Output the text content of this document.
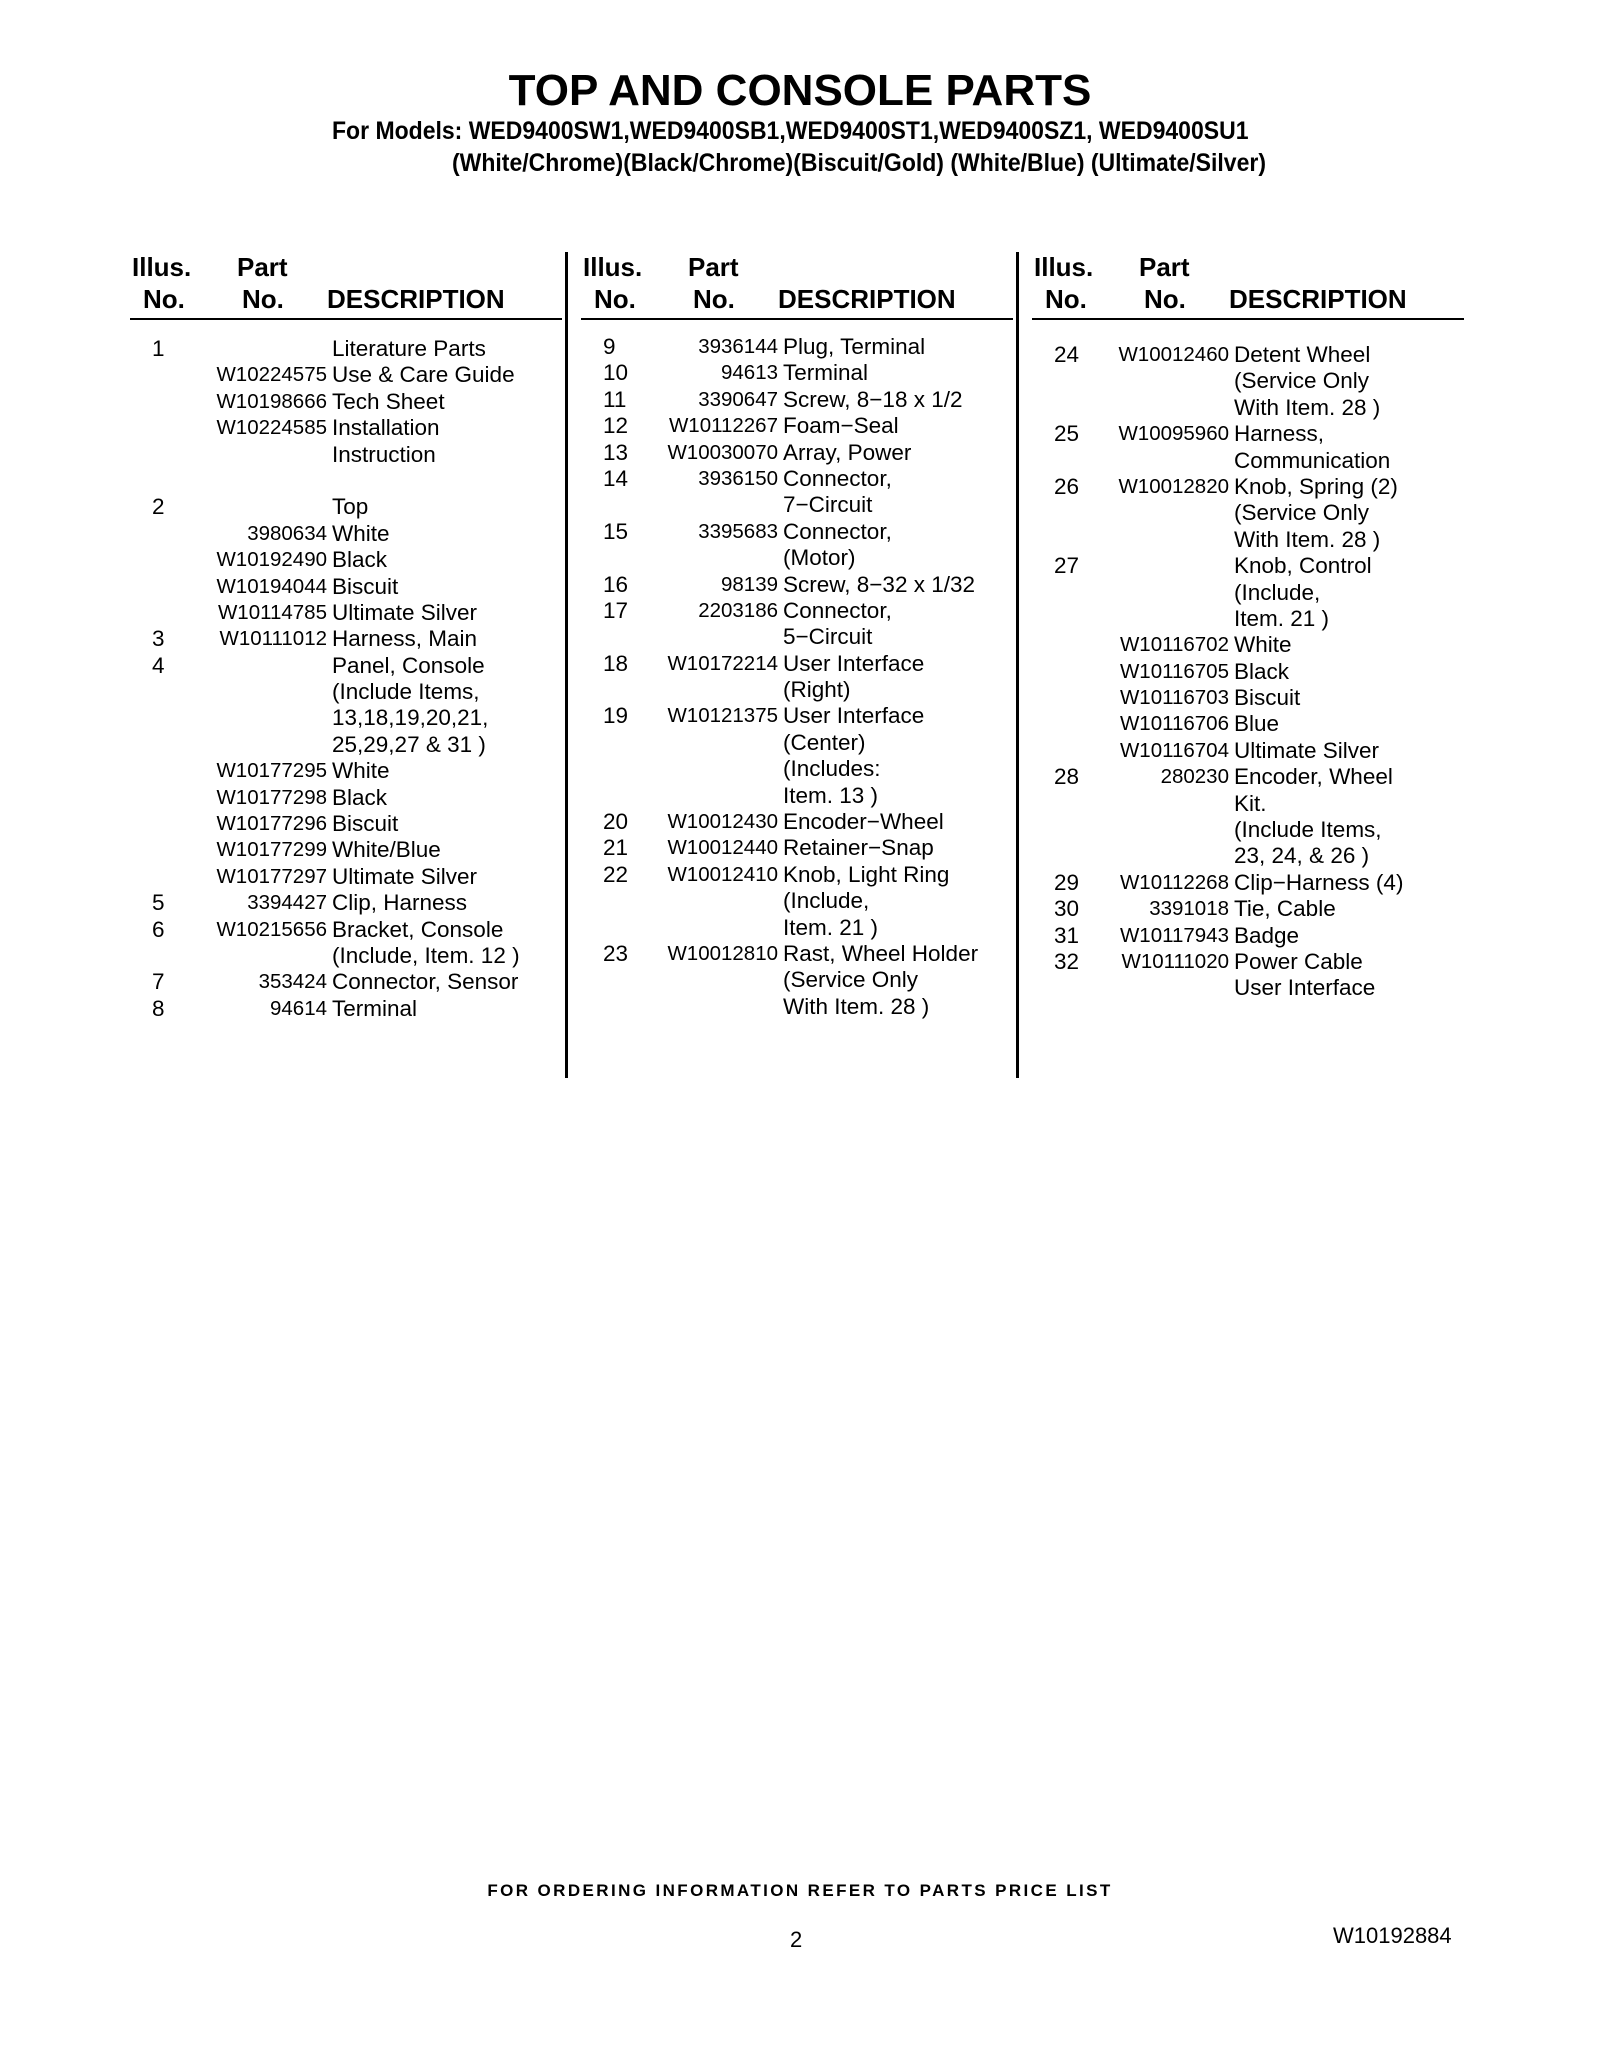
TOP AND CONSOLE PARTS
For Models: WED9400SW1,WED9400SB1,WED9400ST1,WED9400SZ1, WED9400SU1
(White/Chrome)(Black/Chrome)(Biscuit/Gold) (White/Blue) (Ultimate/Silver)
Illus.
No.
Part
No. DESCRIPTION
1	Literature Parts
W10224575 Use & Care Guide
W10198666 Tech Sheet
W10224585 Installation
Instruction
2	Top
3980634 White
W10192490 Black
W10194044 Biscuit
W10114785 Ultimate Silver
3	W10111012 Harness, Main
4	Panel, Console
(Include Items,
13,18,19,20,21,
25,29,27 & 31 )
W10177295 White
W10177298 Black
W10177296 Biscuit
W10177299 White/Blue
W10177297 Ultimate Silver
5	3394427 Clip, Harness
6	W10215656 Bracket, Console
(Include, Item. 12 )
7	353424 Connector, Sensor
8	94614 Terminal
Illus.
No.
Part
No. DESCRIPTION
9	3936144 Plug, Terminal
10	94613 Terminal
11	3390647 Screw, 8−18 x 1/2
12	W10112267 Foam−Seal
13	W10030070 Array, Power
14	3936150 Connector,
7−Circuit
15	3395683 Connector,
(Motor)
16	98139 Screw, 8−32 x 1/32
17	2203186 Connector,
5−Circuit
18	W10172214 User Interface
(Right)
19	W10121375 User Interface
(Center)
(Includes:
Item. 13 )
20	W10012430 Encoder−Wheel
21	W10012440 Retainer−Snap
22	W10012410 Knob, Light Ring
(Include,
Item. 21 )
23	W10012810 Rast, Wheel Holder
(Service Only
With Item. 28 )
Illus.
No.
Part
No. DESCRIPTION
24	W10012460 Detent Wheel
(Service Only
With Item. 28 )
25	W10095960 Harness,
Communication
26	W10012820 Knob, Spring (2)
(Service Only
With Item. 28 )
27	Knob, Control
(Include,
Item. 21 )
W10116702 White
W10116705 Black
W10116703 Biscuit
W10116706 Blue
W10116704 Ultimate Silver
28	280230 Encoder, Wheel
Kit.
(Include Items,
23, 24, & 26 )
29	W10112268 Clip−Harness (4)
30	3391018 Tie, Cable
31	W10117943 Badge
32	W10111020 Power Cable
User Interface
FOR ORDERING INFORMATION REFER TO PARTS PRICE LIST
2	W10192884
